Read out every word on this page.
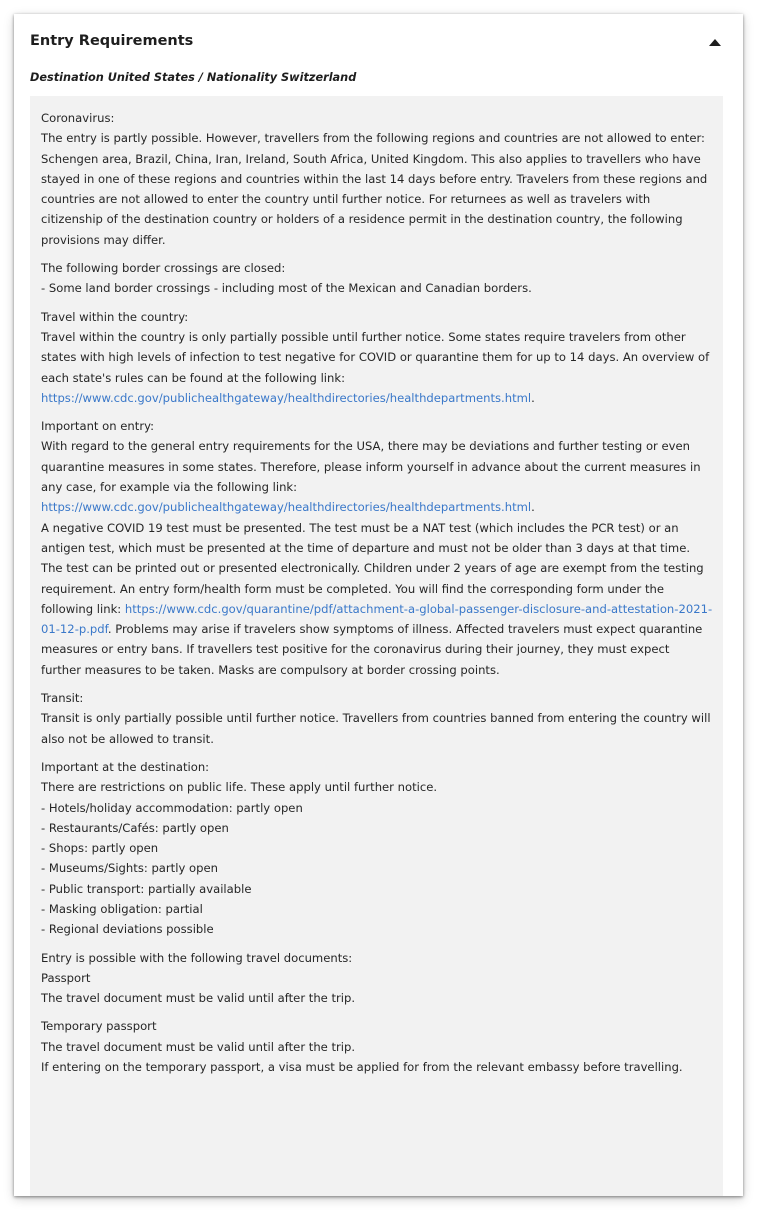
Entry Requirements
Destination United States / Nationality Switzerland
Coronavirus:
The entry is partly possible. However, travellers from the following regions and countries are not allowed to enter: Schengen area, Brazil, China, Iran, Ireland, South Africa, United Kingdom. This also applies to travellers who have stayed in one of these regions and countries within the last 14 days before entry. Travelers from these regions and countries are not allowed to enter the country until further notice. For returnees as well as travelers with citizenship of the destination country or holders of a residence permit in the destination country, the following provisions may differ.
The following border crossings are closed:
- Some land border crossings - including most of the Mexican and Canadian borders.
Travel within the country:
Travel within the country is only partially possible until further notice. Some states require travelers from other states with high levels of infection to test negative for COVID or quarantine them for up to 14 days. An overview of each state's rules can be found at the following link: https://www.cdc.gov/publichealthgateway/healthdirectories/healthdepartments.html.
Important on entry:
With regard to the general entry requirements for the USA, there may be deviations and further testing or even quarantine measures in some states. Therefore, please inform yourself in advance about the current measures in any case, for example via the following link: https://www.cdc.gov/publichealthgateway/healthdirectories/healthdepartments.html.
A negative COVID 19 test must be presented. The test must be a NAT test (which includes the PCR test) or an antigen test, which must be presented at the time of departure and must not be older than 3 days at that time. The test can be printed out or presented electronically. Children under 2 years of age are exempt from the testing requirement. An entry form/health form must be completed. You will find the corresponding form under the following link: https://www.cdc.gov/quarantine/pdf/attachment-a-global-passenger-disclosure-and-attestation-2021-01-12-p.pdf. Problems may arise if travelers show symptoms of illness. Affected travelers must expect quarantine measures or entry bans. If travellers test positive for the coronavirus during their journey, they must expect further measures to be taken. Masks are compulsory at border crossing points.
Transit:
Transit is only partially possible until further notice. Travellers from countries banned from entering the country will also not be allowed to transit.
Important at the destination:
There are restrictions on public life. These apply until further notice.
- Hotels/holiday accommodation: partly open
- Restaurants/Cafés: partly open
- Shops: partly open
- Museums/Sights: partly open
- Public transport: partially available
- Masking obligation: partial
- Regional deviations possible
Entry is possible with the following travel documents:
Passport
The travel document must be valid until after the trip.
Temporary passport
The travel document must be valid until after the trip.
If entering on the temporary passport, a visa must be applied for from the relevant embassy before travelling.
